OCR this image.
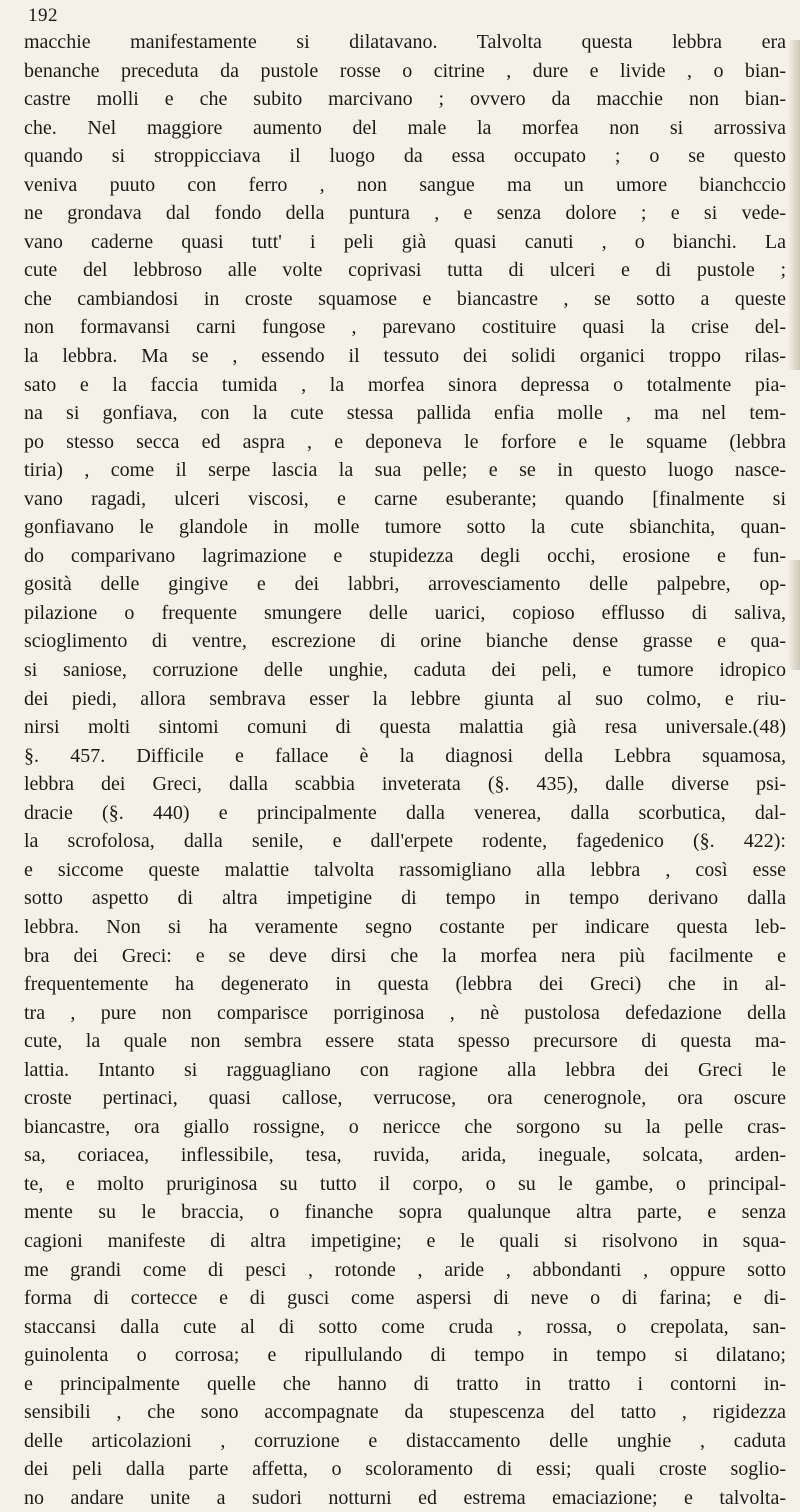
192
macchie manifestamente si dilatavano. Talvolta questa lebbra era
benanche preceduta da pustole rosse o citrine , dure e livide , o bian-
castre molli e che subito marcivano ; ovvero da macchie non bian-
che. Nel maggiore aumento del male la morfea non si arrossiva
quando si stroppicciava il luogo da essa occupato ; o se questo
veniva puuto con ferro , non sangue ma un umore bianchccio
ne grondava dal fondo della puntura , e senza dolore ; e si vede-
vano caderne quasi tutt' i peli già quasi canuti , o bianchi. La
cute del lebbroso alle volte coprivasi tutta di ulceri e di pustole ;
che cambiandosi in croste squamose e biancastre , se sotto a queste
non formavansi carni fungose , parevano costituire quasi la crise del-
la lebbra. Ma se , essendo il tessuto dei solidi organici troppo rilas-
sato e la faccia tumida , la morfea sinora depressa o totalmente pia-
na si gonfiava, con la cute stessa pallida enfia molle , ma nel tem-
po stesso secca ed aspra , e deponeva le forfore e le squame (lebbra
tiria) , come il serpe lascia la sua pelle; e se in questo luogo nasce-
vano ragadi, ulceri viscosi, e carne esuberante; quando [finalmente si
gonfiavano le glandole in molle tumore sotto la cute sbianchita, quan-
do comparivano lagrimazione e stupidezza degli occhi, erosione e fun-
gosità delle gingive e dei labbri, arrovesciamento delle palpebre, op-
pilazione o frequente smungere delle uarici, copioso efflusso di saliva,
scioglimento di ventre, escrezione di orine bianche dense grasse e qua-
si saniose, corruzione delle unghie, caduta dei peli, e tumore idropico
dei piedi, allora sembrava esser la lebbre giunta al suo colmo, e riu-
nirsi molti sintomi comuni di questa malattia già resa universale.(48)
§. 457. Difficile e fallace è la diagnosi della Lebbra squamosa,
lebbra dei Greci, dalla scabbia inveterata (§. 435), dalle diverse psi-
dracie (§. 440) e principalmente dalla venerea, dalla scorbutica, dal-
la scrofolosa, dalla senile, e dall'erpete rodente, fagedenico (§. 422):
e siccome queste malattie talvolta rassomigliano alla lebbra , così esse
sotto aspetto di altra impetigine di tempo in tempo derivano dalla
lebbra. Non si ha veramente segno costante per indicare questa leb-
bra dei Greci: e se deve dirsi che la morfea nera più facilmente e
frequentemente ha degenerato in questa (lebbra dei Greci) che in al-
tra , pure non comparisce porriginosa , nè pustolosa defedazione della
cute, la quale non sembra essere stata spesso precursore di questa ma-
lattia. Intanto si ragguagliano con ragione alla lebbra dei Greci le
croste pertinaci, quasi callose, verrucose, ora cenerognole, ora oscure
biancastre, ora giallo rossigne, o nericce che sorgono su la pelle cras-
sa, coriacea, inflessibile, tesa, ruvida, arida, ineguale, solcata, arden-
te, e molto pruriginosa su tutto il corpo, o su le gambe, o principal-
mente su le braccia, o finanche sopra qualunque altra parte, e senza
cagioni manifeste di altra impetigine; e le quali si risolvono in squa-
me grandi come di pesci , rotonde , aride , abbondanti , oppure sotto
forma di cortecce e di gusci come aspersi di neve o di farina; e di-
staccansi dalla cute al di sotto come cruda , rossa, o crepolata, san-
guinolenta o corrosa; e ripullulando di tempo in tempo si dilatano;
e principalmente quelle che hanno di tratto in tratto i contorni in-
sensibili , che sono accompagnate da stupescenza del tatto , rigidezza
delle articolazioni , corruzione e distaccamento delle unghie , caduta
dei peli dalla parte affetta, o scoloramento di essi; quali croste soglio-
no andare unite a sudori notturni ed estrema emaciazione; e talvolta-
